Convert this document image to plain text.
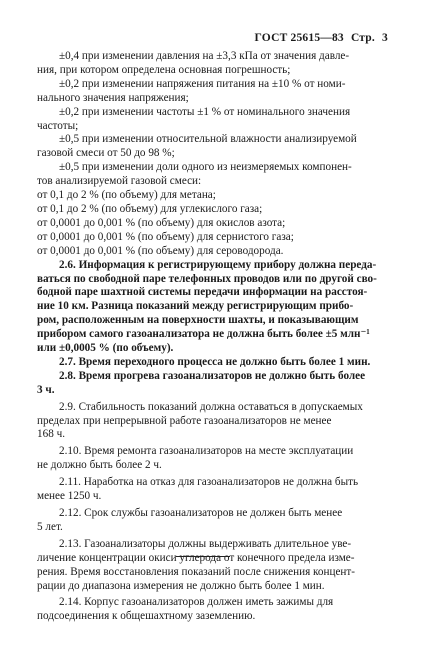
ГОСТ 25615—83 Стр. 3
±0,4 при изменении давления на ±3,3 кПа от значения давле-
ния, при котором определена основная погрешность;
±0,2 при изменении напряжения питания на ±10 % от номи-
нального значения напряжения;
±0,2 при изменении частоты ±1 % от номинального значения
частоты;
±0,5 при изменении относительной влажности анализируемой
газовой смеси от 50 до 98 %;
±0,5 при изменении доли одного из неизмеряемых компонен-
тов анализируемой газовой смеси:
от 0,1 до 2 % (по объему) для метана;
от 0,1 до 2 % (по объему) для углекислого газа;
от 0,0001 до 0,001 % (по объему) для окислов азота;
от 0,0001 до 0,001 % (по объему) для сернистого газа;
от 0,0001 до 0,001 % (по объему) для сероводорода.
2.6. Информация к регистрирующему прибору должна переда-
ваться по свободной паре телефонных проводов или по другой сво-
бодной паре шахтной системы передачи информации на расстоя-
ние 10 км. Разница показаний между регистрирующим прибо-
ром, расположенным на поверхности шахты, и показывающим
прибором самого газоанализатора не должна быть более ±5 млн⁻¹
или ±0,0005 % (по объему).
2.7. Время переходного процесса не должно быть более 1 мин.
2.8. Время прогрева газоанализаторов не должно быть более
3 ч.
2.9. Стабильность показаний должна оставаться в допускаемых
пределах при непрерывной работе газоанализаторов не менее
168 ч.
2.10. Время ремонта газоанализаторов на месте эксплуатации
не должно быть более 2 ч.
2.11. Наработка на отказ для газоанализаторов не должна быть
менее 1250 ч.
2.12. Срок службы газоанализаторов не должен быть менее
5 лет.
2.13. Газоанализаторы должны выдерживать длительное уве-
личение концентрации окиси углерода от конечного предела изме-
рения. Время восстановления показаний после снижения концент-
рации до диапазона измерения не должно быть более 1 мин.
2.14. Корпус газоанализаторов должен иметь зажимы для
подсоединения к общешахтному заземлению.
